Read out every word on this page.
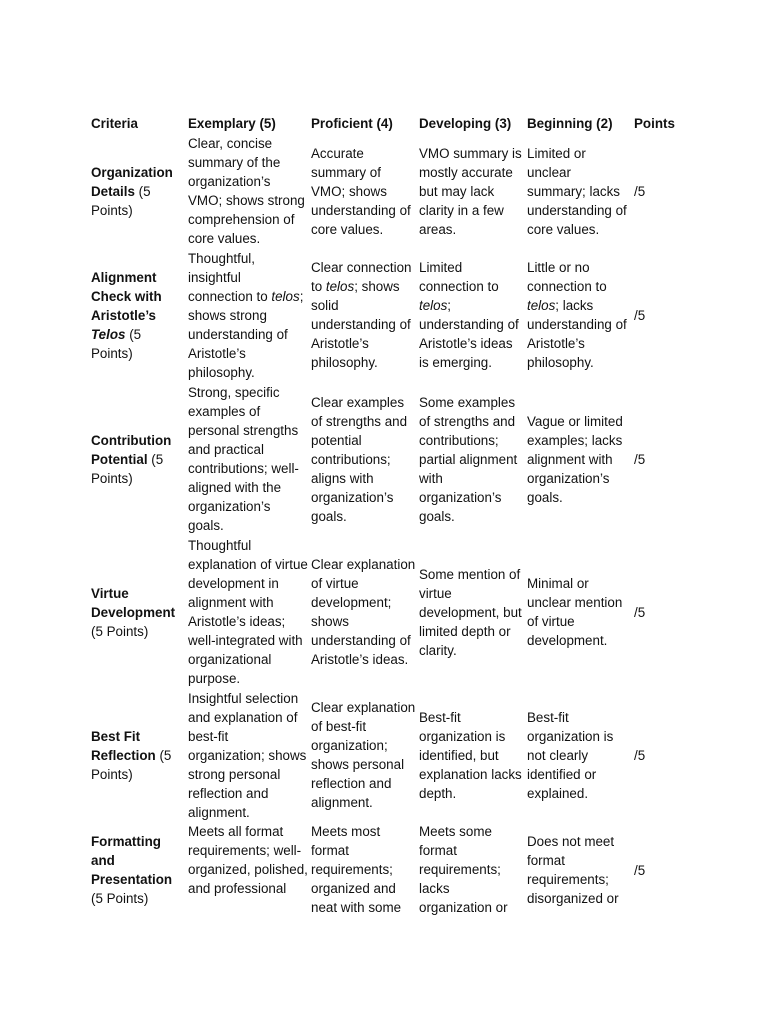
Criteria	Exemplary (5)	Proficient (4)	Developing (3)	Beginning (2)	Points
Organization Details (5 Points)	Clear, concise summary of the organization’s VMO; shows strong comprehension of core values.	Accurate summary of VMO; shows understanding of core values.	VMO summary is mostly accurate but may lack clarity in a few areas.	Limited or unclear summary; lacks understanding of core values.	/5
Alignment Check with Aristotle’s Telos (5 Points)	Thoughtful, insightful connection to telos; shows strong understanding of Aristotle’s philosophy.	Clear connection to telos; shows solid understanding of Aristotle’s philosophy.	Limited connection to telos; understanding of Aristotle’s ideas is emerging.	Little or no connection to telos; lacks understanding of Aristotle’s philosophy.	/5
Contribution Potential (5 Points)	Strong, specific examples of personal strengths and practical contributions; well-aligned with the organization’s goals.	Clear examples of strengths and potential contributions; aligns with organization’s goals.	Some examples of strengths and contributions; partial alignment with organization’s goals.	Vague or limited examples; lacks alignment with organization’s goals.	/5
Virtue Development (5 Points)	Thoughtful explanation of virtue development in alignment with Aristotle’s ideas; well-integrated with organizational purpose.	Clear explanation of virtue development; shows understanding of Aristotle’s ideas.	Some mention of virtue development, but limited depth or clarity.	Minimal or unclear mention of virtue development.	/5
Best Fit Reflection (5 Points)	Insightful selection and explanation of best-fit organization; shows strong personal reflection and alignment.	Clear explanation of best-fit organization; shows personal reflection and alignment.	Best-fit organization is identified, but explanation lacks depth.	Best-fit organization is not clearly identified or explained.	/5
Formatting and Presentation (5 Points)	Meets all format requirements; well-organized, polished, and professional	Meets most format requirements; organized and neat with some	Meets some format requirements; lacks organization or	Does not meet format requirements; disorganized or	/5
